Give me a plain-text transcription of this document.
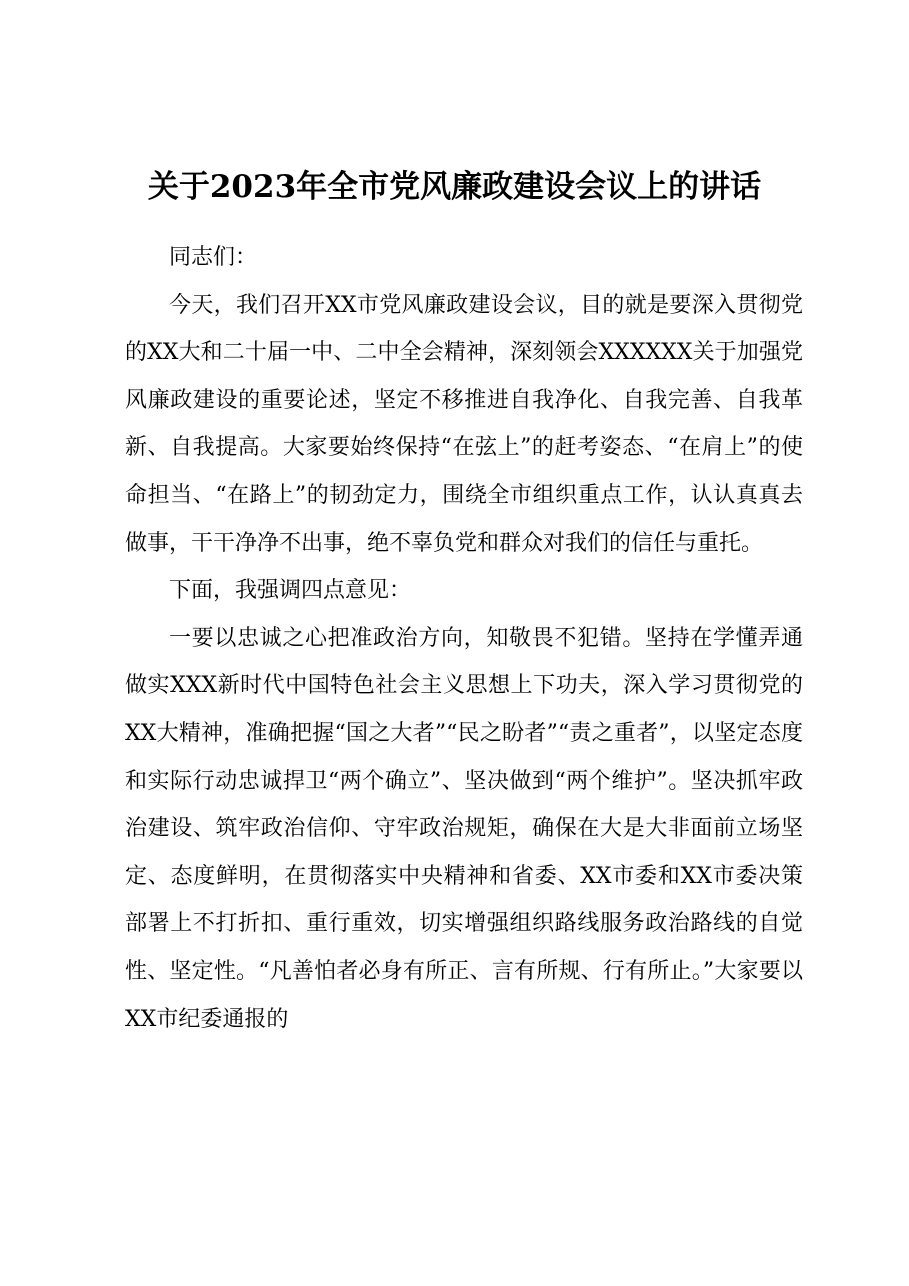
关于2023年全市党风廉政建设会议上的讲话

同志们：

今天，我们召开XX市党风廉政建设会议，目的就是要深入贯彻党的XX大和二十届一中、二中全会精神，深刻领会XXXXXX关于加强党风廉政建设的重要论述，坚定不移推进自我净化、自我完善、自我革新、自我提高。大家要始终保持“在弦上”的赶考姿态、“在肩上”的使命担当、“在路上”的韧劲定力，围绕全市组织重点工作，认认真真去做事，干干净净不出事，绝不辜负党和群众对我们的信任与重托。

下面，我强调四点意见：

一要以忠诚之心把准政治方向，知敬畏不犯错。坚持在学懂弄通做实XXX新时代中国特色社会主义思想上下功夫，深入学习贯彻党的XX大精神，准确把握“国之大者”“民之盼者”“责之重者”，以坚定态度和实际行动忠诚捍卫“两个确立”、坚决做到“两个维护”。坚决抓牢政治建设、筑牢政治信仰、守牢政治规矩，确保在大是大非面前立场坚定、态度鲜明，在贯彻落实中央精神和省委、XX市委和XX市委决策部署上不打折扣、重行重效，切实增强组织路线服务政治路线的自觉性、坚定性。“凡善怕者必身有所正、言有所规、行有所止。”大家要以XX市纪委通报的
